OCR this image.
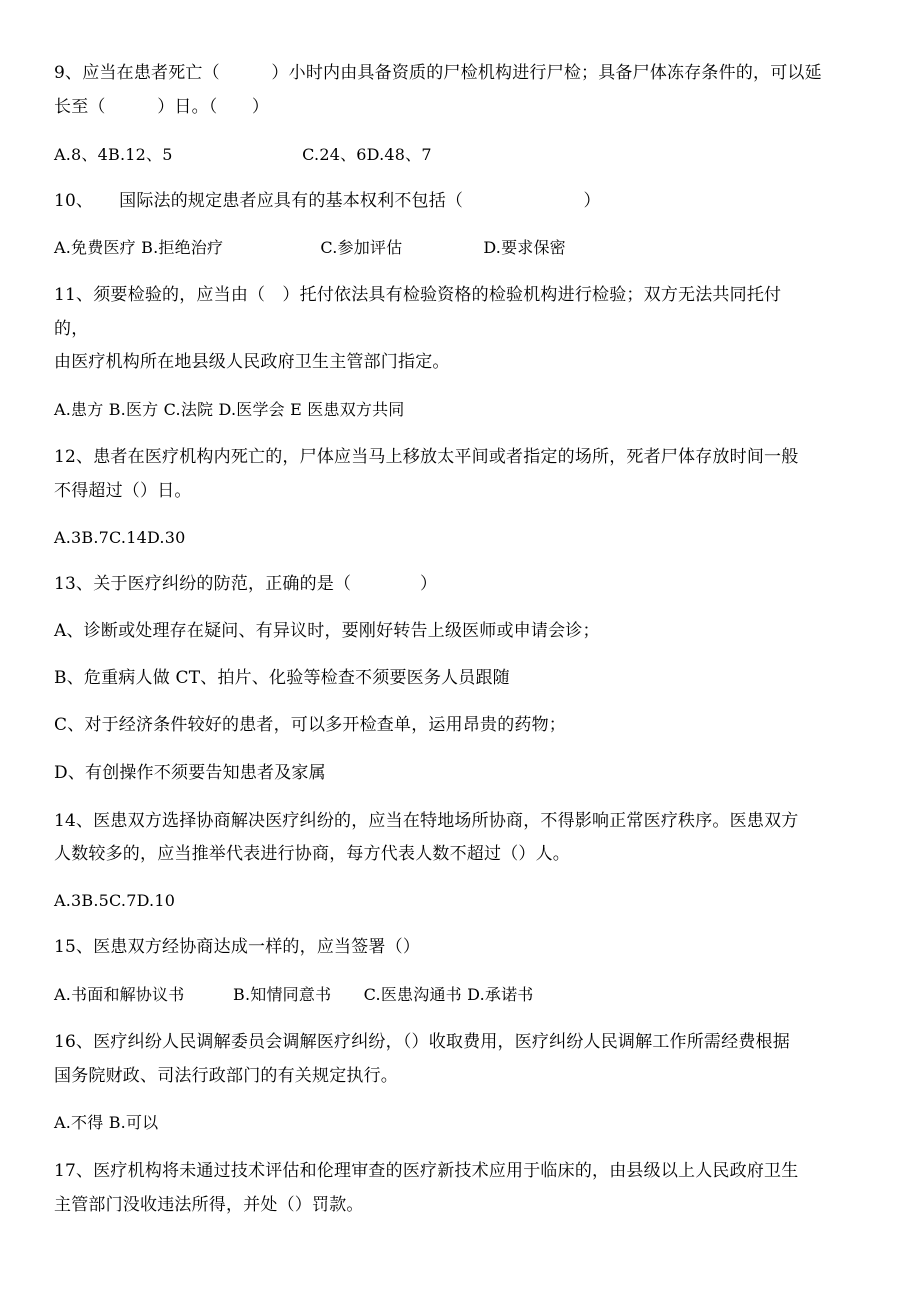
9、应当在患者死亡（　　　）小时内由具备资质的尸检机构进行尸检；具备尸体冻存条件的，可以延
长至（　　　）日。（　　）
A.8、4B.12、5　　　　　　　　C.24、6D.48、7
10、　　国际法的规定患者应具有的基本权利不包括（　　　　　　　）
A.免费医疗 B.拒绝治疗　　　　　　C.参加评估　　　　　D.要求保密
11、须要检验的，应当由（　）托付依法具有检验资格的检验机构进行检验；双方无法共同托付
的，
由医疗机构所在地县级人民政府卫生主管部门指定。
A.患方 B.医方 C.法院 D.医学会 E 医患双方共同
12、患者在医疗机构内死亡的，尸体应当马上移放太平间或者指定的场所，死者尸体存放时间一般
不得超过（）日。
A.3B.7C.14D.30
13、关于医疗纠纷的防范，正确的是（　　　　）
A、诊断或处理存在疑问、有异议时，要刚好转告上级医师或申请会诊；
B、危重病人做 CT、拍片、化验等检查不须要医务人员跟随
C、对于经济条件较好的患者，可以多开检查单，运用昂贵的药物；
D、有创操作不须要告知患者及家属
14、医患双方选择协商解决医疗纠纷的，应当在特地场所协商，不得影响正常医疗秩序。医患双方
人数较多的，应当推举代表进行协商，每方代表人数不超过（）人。
A.3B.5C.7D.10
15、医患双方经协商达成一样的，应当签署（）
A.书面和解协议书　　　B.知情同意书　　C.医患沟通书 D.承诺书
16、医疗纠纷人民调解委员会调解医疗纠纷，（）收取费用，医疗纠纷人民调解工作所需经费根据
国务院财政、司法行政部门的有关规定执行。
A.不得 B.可以
17、医疗机构将未通过技术评估和伦理审查的医疗新技术应用于临床的，由县级以上人民政府卫生
主管部门没收违法所得，并处（）罚款。
